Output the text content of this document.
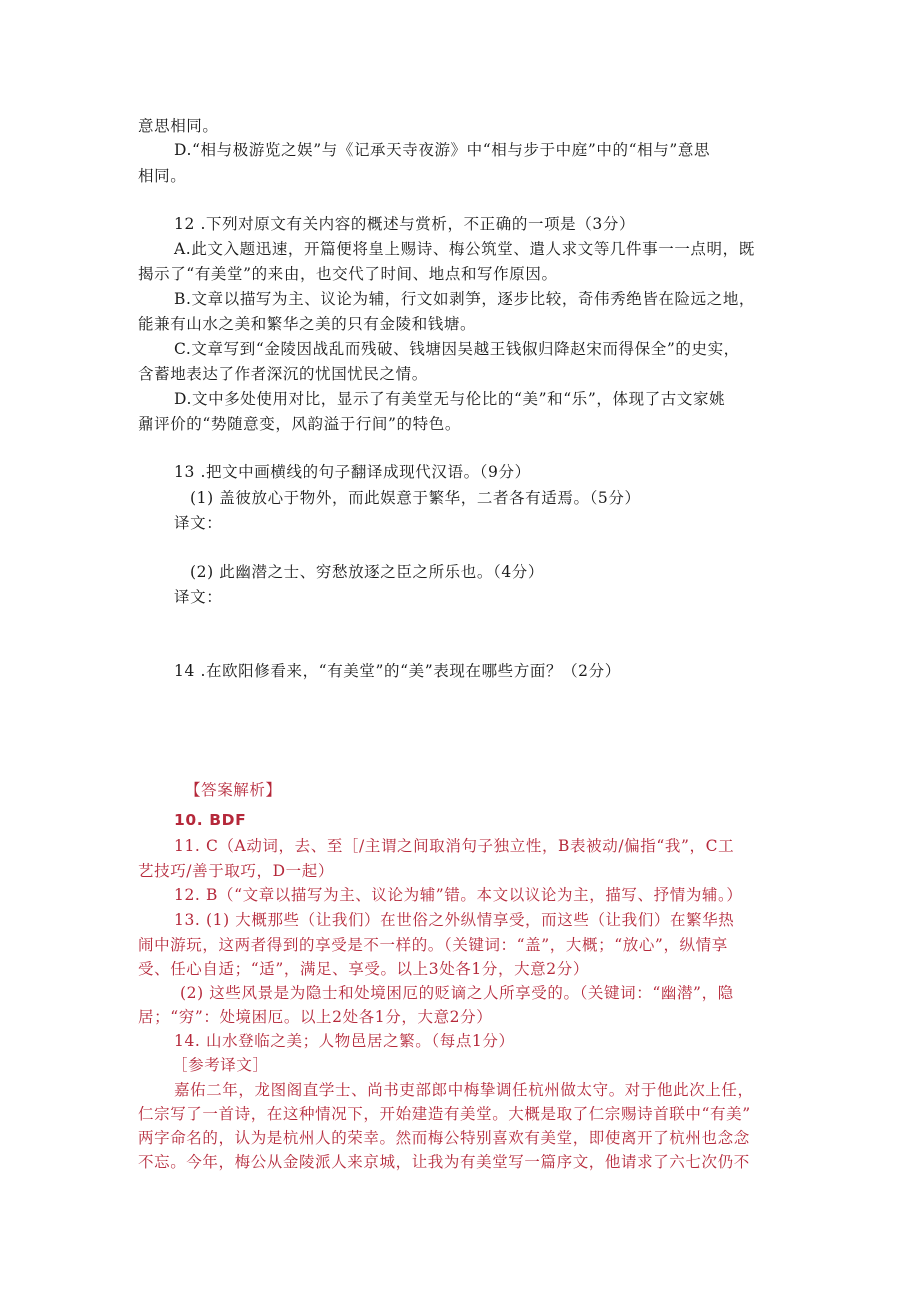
意思相同。
D.“相与极游览之娱”与《记承天寺夜游》中“相与步于中庭”中的“相与”意思
相同。
12 .下列对原文有关内容的概述与赏析，不正确的一项是（3分）
A.此文入题迅速，开篇便将皇上赐诗、梅公筑堂、遣人求文等几件事一一点明，既
揭示了“有美堂”的来由，也交代了时间、地点和写作原因。
B.文章以描写为主、议论为辅，行文如剥笋，逐步比较，奇伟秀绝皆在险远之地，
能兼有山水之美和繁华之美的只有金陵和钱塘。
C.文章写到“金陵因战乱而残破、钱塘因吴越王钱俶归降赵宋而得保全”的史实，
含蓄地表达了作者深沉的忧国忧民之情。
D.文中多处使用对比，显示了有美堂无与伦比的“美”和“乐”，体现了古文家姚
鼐评价的“势随意变，风韵溢于行间”的特色。
13 .把文中画横线的句子翻译成现代汉语。（9分）
(1) 盖彼放心于物外，而此娱意于繁华，二者各有适焉。（5分）
译文：
(2) 此幽潜之士、穷愁放逐之臣之所乐也。（4分）
译文：
14 .在欧阳修看来，“有美堂”的“美”表现在哪些方面？（2分）
【答案解析】
10. BDF
11. C（A动词，去、至［/主谓之间取消句子独立性，B表被动/偏指“我”，C工
艺技巧/善于取巧，D一起）
12. B（“文章以描写为主、议论为辅”错。本文以议论为主，描写、抒情为辅。）
13. (1) 大概那些（让我们）在世俗之外纵情享受，而这些（让我们）在繁华热
闹中游玩，这两者得到的享受是不一样的。（关键词：“盖”，大概；“放心”，纵情享
受、任心自适；“适”，满足、享受。以上3处各1分，大意2分）
(2) 这些风景是为隐士和处境困厄的贬谪之人所享受的。（关键词：“幽潜”，隐
居；“穷”：处境困厄。以上2处各1分，大意2分）
14. 山水登临之美；人物邑居之繁。（每点1分）
［参考译文］
嘉佑二年，龙图阁直学士、尚书吏部郎中梅挚调任杭州做太守。对于他此次上任，
仁宗写了一首诗，在这种情况下，开始建造有美堂。大概是取了仁宗赐诗首联中“有美”
两字命名的，认为是杭州人的荣幸。然而梅公特别喜欢有美堂，即使离开了杭州也念念
不忘。今年，梅公从金陵派人来京城，让我为有美堂写一篇序文，他请求了六七次仍不
